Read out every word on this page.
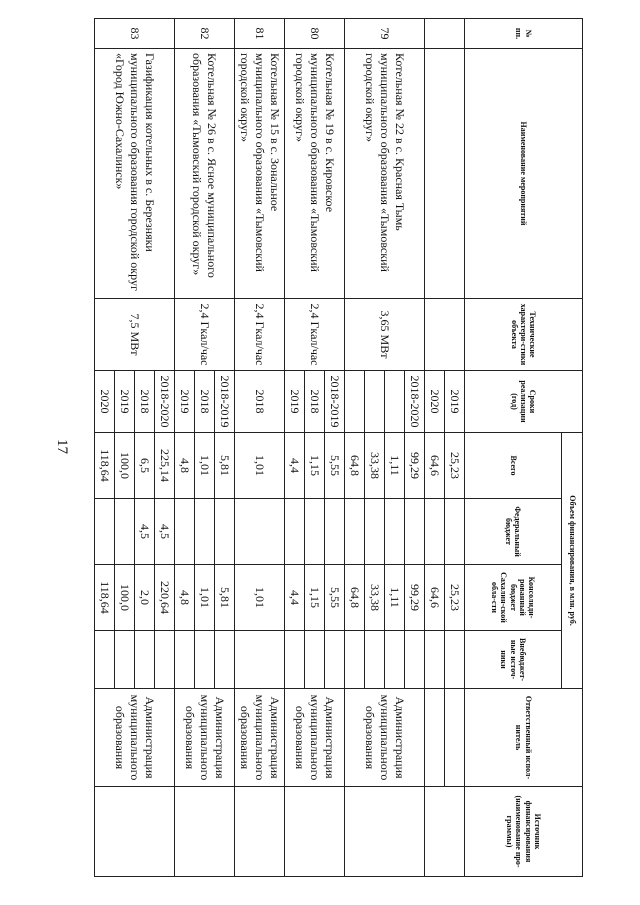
17
№ пп.	Наименование мероприятий	Технические характери-стики объекта	Сроки реализации (год)	Объем финансирования, в млн. руб.				Ответственный испол-нитель	Источник финансирования (наименование про-граммы)
				Всего	Федеральный бюджет	Консолиди-рованный бюджет Сахалин-ской обла-сти	Внебюджет-ные источ-ники		
			2019	25,23		25,23			
			2020	64,6		64,6			
79	Котельная № 22 в с. Красная Тымь муниципального образования «Тымовский городской округ»	3,65 МВт	2018-2020	99,29		99,29		Администрация муниципального образования	
				1,11		1,11			
				33,38		33,38			
				64,8		64,8			
80	Котельная № 19 в с. Кировское муниципального образования «Тымовский городской округ»	2,4 Гкал/час	2018-2019	5,55		5,55		Администрация муниципального образования	
			2018	1,15		1,15			
			2019	4,4		4,4			
81	Котельная № 15 в с. Зональное муниципального образования «Тымовский городской округ»	2,4 Гкал/час	2018	1,01		1,01		Администрация муниципального образования	
82	Котельная № 26 в с. Ясное муниципального образования «Тымовский городской округ»	2,4 Гкал/час	2018-2019	5,81		5,81		Администрация муниципального образования	
			2018	1,01		1,01			
			2019	4,8		4,8			
83	Газификация котельных в с. Березняки муниципального образования городской округ «Город Южно-Сахалинск»	7,5 МВт	2018-2020	225,14	4,5	220,64		Администрация муниципального образования	
			2018	6,5	4,5	2,0			
			2019	100,0		100,0			
			2020	118,64		118,64			
